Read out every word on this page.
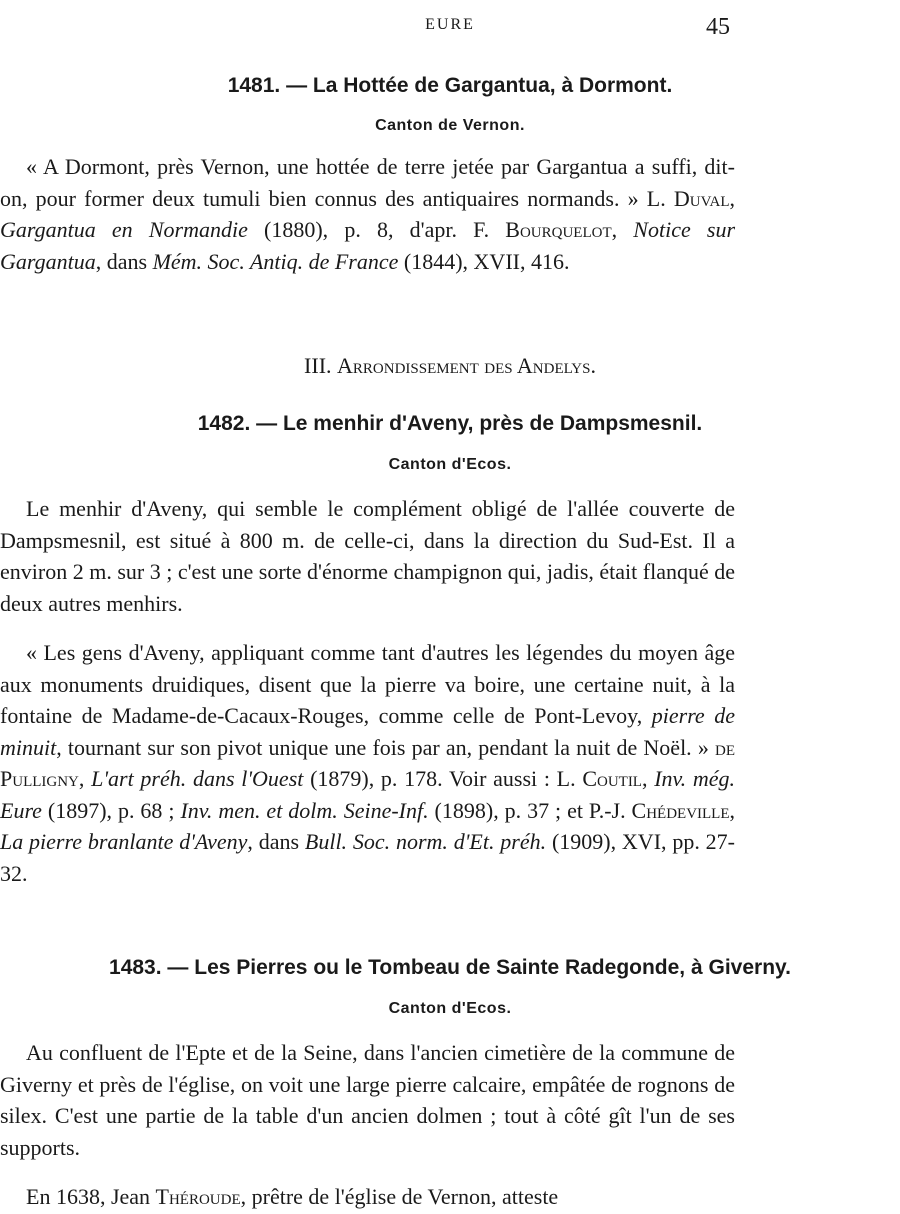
EURE	45
1481. — La Hottée de Gargantua, à Dormont.
Canton de Vernon.

« A Dormont, près Vernon, une hottée de terre jetée par Gargantua a suffi, dit-on, pour former deux tumuli bien connus des antiquaires normands. » L. Duval, Gargantua en Normandie (1880), p. 8, d'apr. F. Bourquelot, Notice sur Gargantua, dans Mém. Soc. Antiq. de France (1844), XVII, 416.

III. Arrondissement des Andelys.
1482. — Le menhir d'Aveny, près de Dampsmesnil.
Canton d'Ecos.

Le menhir d'Aveny, qui semble le complément obligé de l'allée couverte de Dampsmesnil, est situé à 800 m. de celle-ci, dans la direction du Sud-Est. Il a environ 2 m. sur 3 ; c'est une sorte d'énorme champignon qui, jadis, était flanqué de deux autres menhirs.

« Les gens d'Aveny, appliquant comme tant d'autres les légendes du moyen âge aux monuments druidiques, disent que la pierre va boire, une certaine nuit, à la fontaine de Madame-de-Cacaux-Rouges, comme celle de Pont-Levoy, pierre de minuit, tournant sur son pivot unique une fois par an, pendant la nuit de Noël. » de Pulligny, L'art préh. dans l'Ouest (1879), p. 178. Voir aussi : L. Coutil, Inv. még. Eure (1897), p. 68 ; Inv. men. et dolm. Seine-Inf. (1898), p. 37 ; et P.-J. Chédeville, La pierre branlante d'Aveny, dans Bull. Soc. norm. d'Et. préh. (1909), XVI, pp. 27-32.

1483. — Les Pierres ou le Tombeau de Sainte Radegonde, à Giverny.
Canton d'Ecos.

Au confluent de l'Epte et de la Seine, dans l'ancien cimetière de la commune de Giverny et près de l'église, on voit une large pierre calcaire, empâtée de rognons de silex. C'est une partie de la table d'un ancien dolmen ; tout à côté gît l'un de ses supports.

En 1638, Jean Théroude, prêtre de l'église de Vernon, atteste
